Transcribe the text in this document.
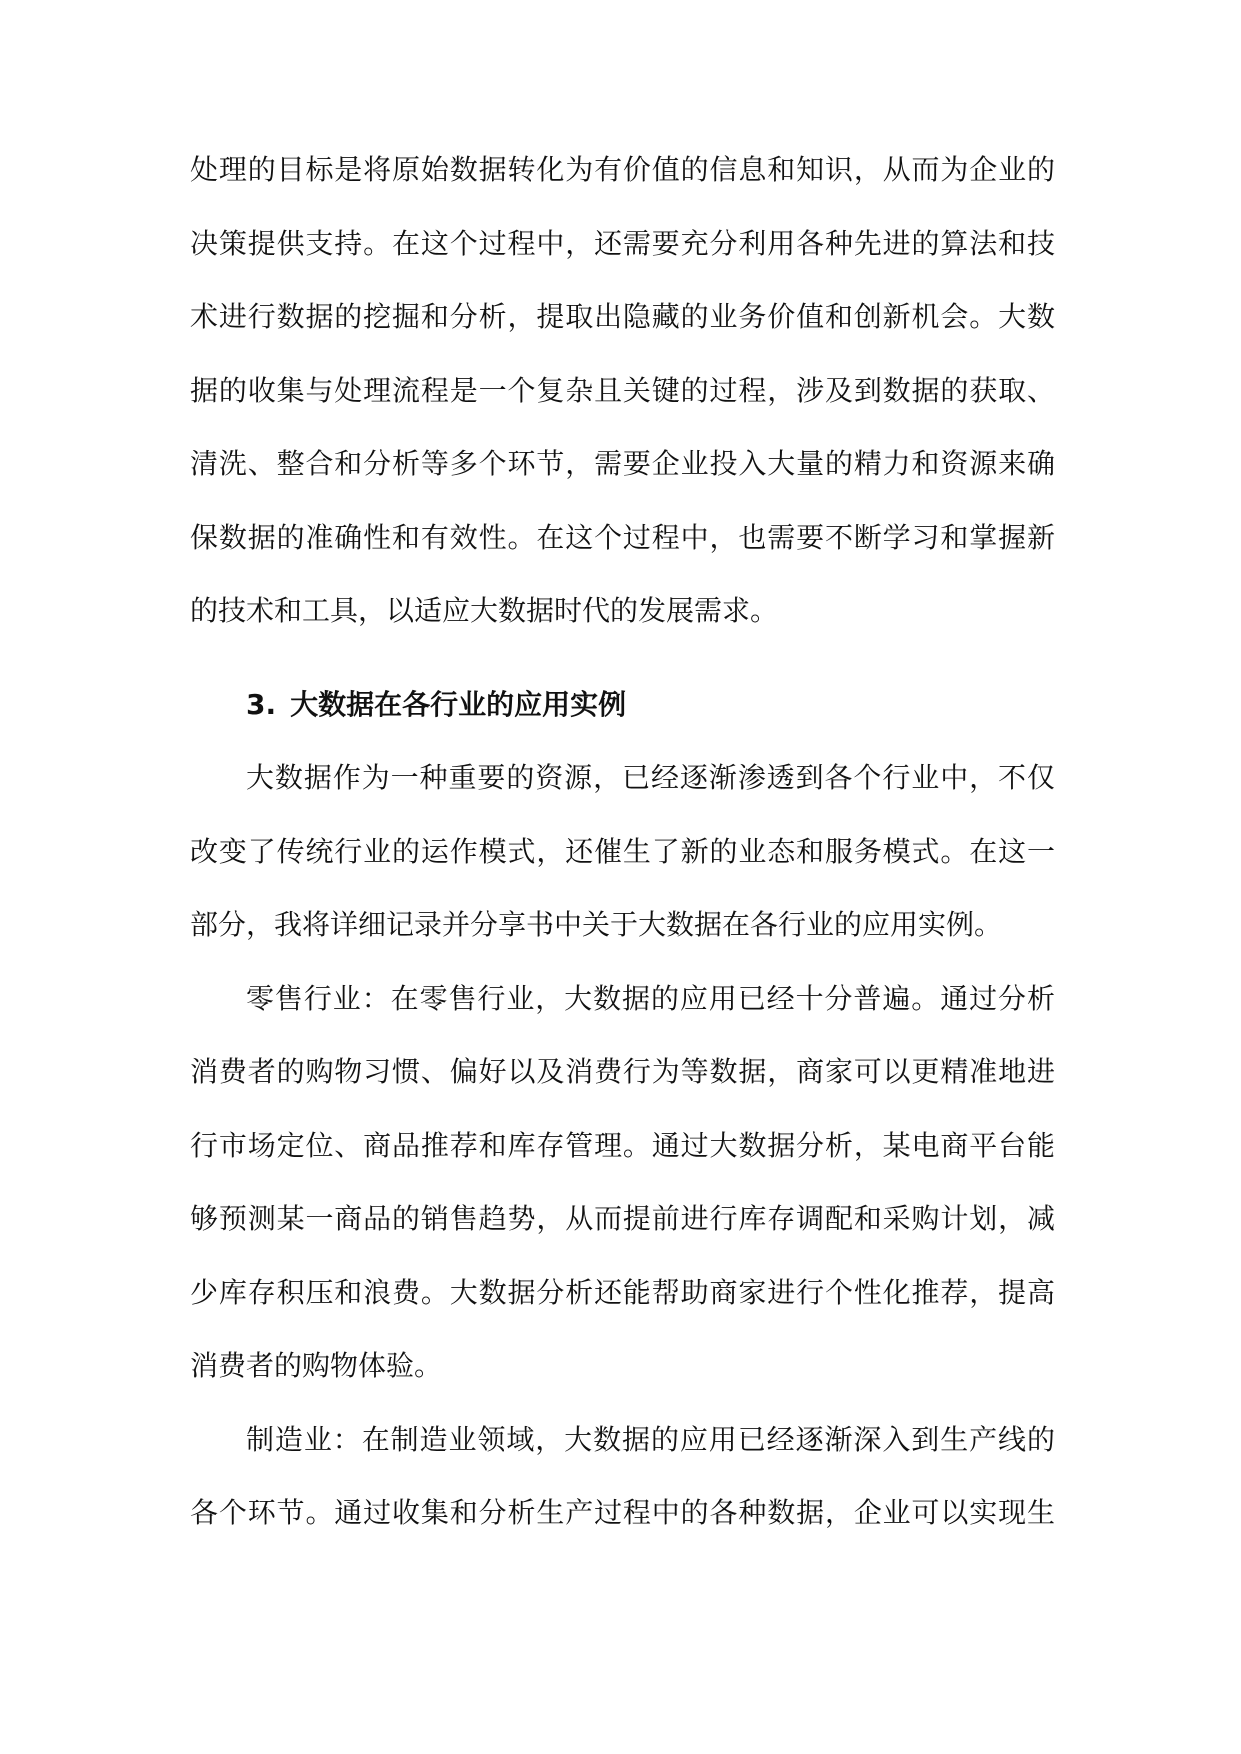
处理的目标是将原始数据转化为有价值的信息和知识，从而为企业的
决策提供支持。在这个过程中，还需要充分利用各种先进的算法和技
术进行数据的挖掘和分析，提取出隐藏的业务价值和创新机会。大数
据的收集与处理流程是一个复杂且关键的过程，涉及到数据的获取、
清洗、整合和分析等多个环节，需要企业投入大量的精力和资源来确
保数据的准确性和有效性。在这个过程中，也需要不断学习和掌握新
的技术和工具，以适应大数据时代的发展需求。
3. 大数据在各行业的应用实例
大数据作为一种重要的资源，已经逐渐渗透到各个行业中，不仅
改变了传统行业的运作模式，还催生了新的业态和服务模式。在这一
部分，我将详细记录并分享书中关于大数据在各行业的应用实例。
零售行业：在零售行业，大数据的应用已经十分普遍。通过分析
消费者的购物习惯、偏好以及消费行为等数据，商家可以更精准地进
行市场定位、商品推荐和库存管理。通过大数据分析，某电商平台能
够预测某一商品的销售趋势，从而提前进行库存调配和采购计划，减
少库存积压和浪费。大数据分析还能帮助商家进行个性化推荐，提高
消费者的购物体验。
制造业：在制造业领域，大数据的应用已经逐渐深入到生产线的
各个环节。通过收集和分析生产过程中的各种数据，企业可以实现生
